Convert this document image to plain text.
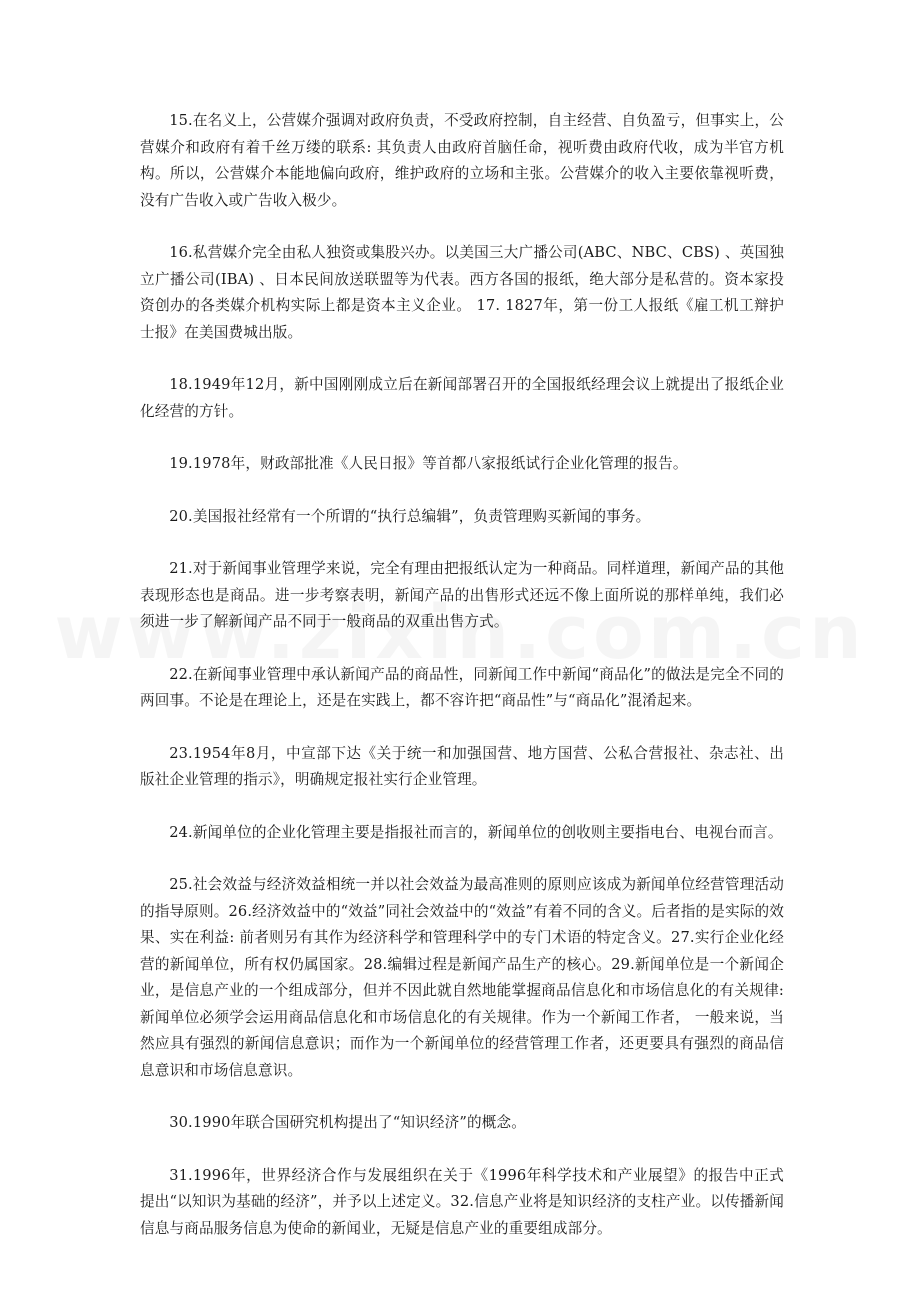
15.在名义上，公营媒介强调对政府负责，不受政府控制，自主经营、自负盈亏，但事实上，公营媒介和政府有着千丝万缕的联系: 其负责人由政府首脑任命，视听费由政府代收，成为半官方机构。所以，公营媒介本能地偏向政府，维护政府的立场和主张。公营媒介的收入主要依靠视听费，没有广告收入或广告收入极少。

16.私营媒介完全由私人独资或集股兴办。以美国三大广播公司(ABC、NBC、CBS) 、英国独立广播公司(IBA) 、日本民间放送联盟等为代表。西方各国的报纸，绝大部分是私营的。资本家投资创办的各类媒介机构实际上都是资本主义企业。 17. 1827年，第一份工人报纸《雇工机工辩护士报》在美国费城出版。

18.1949年12月，新中国刚刚成立后在新闻部署召开的全国报纸经理会议上就提出了报纸企业化经营的方针。

19.1978年，财政部批准《人民日报》等首都八家报纸试行企业化管理的报告。

20.美国报社经常有一个所谓的“执行总编辑”，负责管理购买新闻的事务。

21.对于新闻事业管理学来说，完全有理由把报纸认定为一种商品。同样道理，新闻产品的其他表现形态也是商品。进一步考察表明，新闻产品的出售形式还远不像上面所说的那样单纯，我们必须进一步了解新闻产品不同于一般商品的双重出售方式。

22.在新闻事业管理中承认新闻产品的商品性，同新闻工作中新闻“商品化”的做法是完全不同的两回事。不论是在理论上，还是在实践上，都不容许把“商品性”与“商品化”混淆起来。

23.1954年8月，中宣部下达《关于统一和加强国营、地方国营、公私合营报社、杂志社、出版社企业管理的指示》，明确规定报社实行企业管理。

24.新闻单位的企业化管理主要是指报社而言的，新闻单位的创收则主要指电台、电视台而言。

25.社会效益与经济效益相统一并以社会效益为最高准则的原则应该成为新闻单位经营管理活动的指导原则。26.经济效益中的“效益”同社会效益中的“效益”有着不同的含义。后者指的是实际的效果、实在利益: 前者则另有其作为经济科学和管理科学中的专门术语的特定含义。27.实行企业化经营的新闻单位，所有权仍属国家。28.编辑过程是新闻产品生产的核心。29.新闻单位是一个新闻企业，是信息产业的一个组成部分，但并不因此就自然地能掌握商品信息化和市场信息化的有关规律: 新闻单位必须学会运用商品信息化和市场信息化的有关规律。作为一个新闻工作者， 一般来说，当然应具有强烈的新闻信息意识；而作为一个新闻单位的经营管理工作者，还更要具有强烈的商品信息意识和市场信息意识。

30.1990年联合国研究机构提出了“知识经济”的概念。

31.1996年，世界经济合作与发展组织在关于《1996年科学技术和产业展望》的报告中正式提出“以知识为基础的经济”，并予以上述定义。32.信息产业将是知识经济的支柱产业。以传播新闻信息与商品服务信息为使命的新闻业，无疑是信息产业的重要组成部分。
